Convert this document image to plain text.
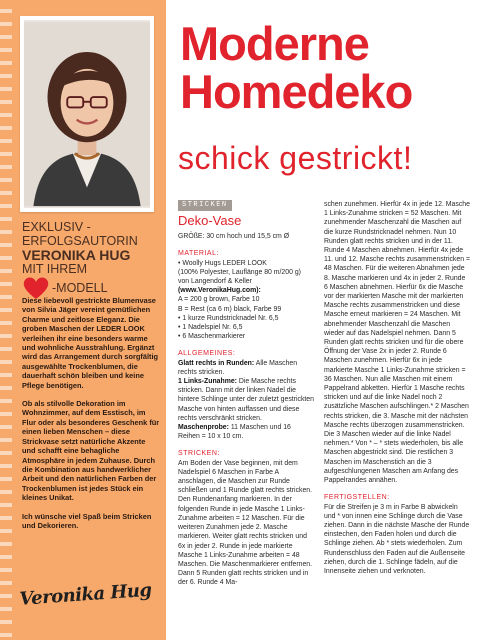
EXKLUSIV -
ERFOLGSAUTORIN
VERONIKA HUG
MIT IHREM
-MODELL

Diese liebevoll gestrickte Blumenvase von Silvia Jäger vereint gemütlichen Charme und zeitlose Eleganz. Die groben Maschen der LEDER LOOK verleihen ihr eine besonders warme und wohnliche Ausstrahlung. Ergänzt wird das Arrangement durch sorgfältig ausgewählte Trockenblumen, die dauerhaft schön bleiben und keine Pflege benötigen.

Ob als stilvolle Dekoration im Wohnzimmer, auf dem Esstisch, im Flur oder als besonderes Geschenk für einen lieben Menschen – diese Strickvase setzt natürliche Akzente und schafft eine behagliche Atmosphäre in jedem Zuhause. Durch die Kombination aus handwerklicher Arbeit und den natürlichen Farben der Trockenblumen ist jedes Stück ein kleines Unikat.

Ich wünsche viel Spaß beim Stricken und Dekorieren.

Veronika Hug
Moderne
Homedeko
schick gestrickt!
STRICKEN
Deko-Vase

GRÖßE: 30 cm hoch und 15,5 cm Ø

MATERIAL:

• Woolly Hugs LEDER LOOK

(100% Polyester, Lauflänge 80 m/200 g)

von Langendorf & Keller

(www.VeronikaHug.com):

A = 200 g brown, Farbe 10

B = Rest (ca 6 m) black, Farbe 99

• 1 kurze Rundstricknadel Nr. 6,5

• 1 Nadelspiel Nr. 6,5

• 6 Maschenmarkierer

ALLGEMEINES:

Glatt rechts in Runden: Alle Maschen rechts stricken.

1 Links-Zunahme: Die Masche rechts stricken. Dann mit der linken Nadel die hintere Schlinge unter der zuletzt gestrickten Masche von hinten auffassen und diese rechts verschränkt stricken.

Maschenprobe: 11 Maschen und 16 Reihen = 10 x 10 cm.

STRICKEN:

Am Boden der Vase beginnen, mit dem Nadelspiel 6 Maschen in Farbe A anschlagen, die Maschen zur Runde schließen und 1 Runde glatt rechts stricken. Den Rundenanfang markieren. In der folgenden Runde in jede Masche 1 Links-Zunahme arbeiten = 12 Maschen. Für die weiteren Zunahmen jede 2. Masche markieren. Weiter glatt rechts stricken und 6x in jeder 2. Runde in jede markierte Masche 1 Links-Zunahme arbeiten = 48 Maschen. Die Maschenmarkierer entfernen. Dann 5 Runden glatt rechts stricken und in der 6. Runde 4 Ma-

schen zunehmen. Hierfür 4x in jede 12. Masche 1 Links-Zunahme stricken = 52 Maschen. Mit zunehmender Maschenzahl die Maschen auf die kurze Rundstricknadel nehmen. Nun 10 Runden glatt rechts stricken und in der 11. Runde 4 Maschen abnehmen. Hierfür 4x jede 11. und 12. Masche rechts zusammenstricken = 48 Maschen. Für die weiteren Abnahmen jede 8. Masche markieren und 4x in jeder 2. Runde 6 Maschen abnehmen. Hierfür 6x die Masche vor der markierten Masche mit der markierten Masche rechts zusammenstricken und diese Masche erneut markieren = 24 Maschen. Mit abnehmender Maschenzahl die Maschen wieder auf das Nadelspiel nehmen. Dann 5 Runden glatt rechts stricken und für die obere Öffnung der Vase 2x in jeder 2. Runde 6 Maschen zunehmen. Hierfür 6x in jede markierte Masche 1 Links-Zunahme stricken = 36 Maschen. Nun alle Maschen mit einem Pappelrand abketten. Hierfür 1 Masche rechts stricken und auf die linke Nadel noch 2 zusätzliche Maschen aufschlingen.* 2 Maschen rechts stricken, die 3. Masche mit der nächsten Masche rechts überzogen zusammenstricken. Die 3 Maschen wieder auf die linke Nadel nehmen.* Von * – * stets wiederholen, bis alle Maschen abgestrickt sind. Die restlichen 3 Maschen im Maschenstich an die 3 aufgeschlungenen Maschen am Anfang des Pappelrandes annähen.

FERTIGSTELLEN:

Für die Streifen je 3 m in Farbe B abwickeln und * von innen eine Schlinge durch die Vase ziehen. Dann in die nächste Masche der Runde einstechen, den Faden holen und durch die Schlinge ziehen. Ab * stets wiederholen. Zum Rundenschluss den Faden auf die Außenseite ziehen, durch die 1. Schlinge fädeln, auf die Innenseite ziehen und verknoten.
